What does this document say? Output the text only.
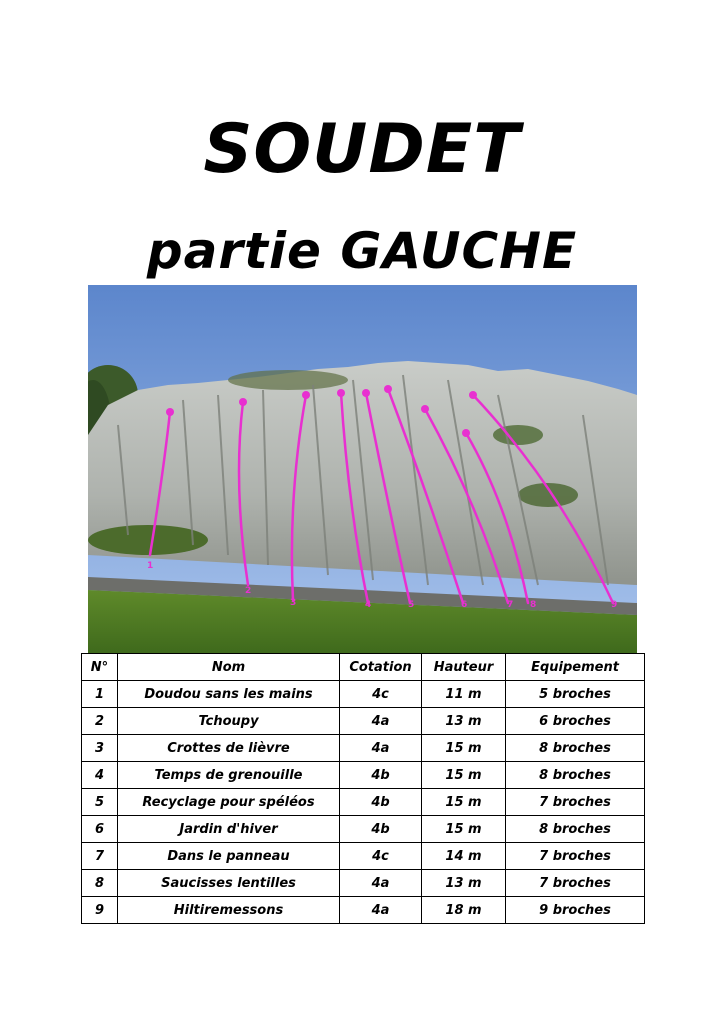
SOUDET
partie GAUCHE
1
2
3	4	5	6	7 8	9
N°	Nom	Cotation	Hauteur	Equipement
1	Doudou sans les mains	4c	11 m	5 broches
2	Tchoupy	4a	13 m	6 broches
3	Crottes de lièvre	4a	15 m	8 broches
4	Temps de grenouille	4b	15 m	8 broches
5	Recyclage pour spéléos	4b	15 m	7 broches
6	Jardin d'hiver	4b	15 m	8 broches
7	Dans le panneau	4c	14 m	7 broches
8	Saucisses lentilles	4a	13 m	7 broches
9	Hiltiremessons	4a	18 m	9 broches
